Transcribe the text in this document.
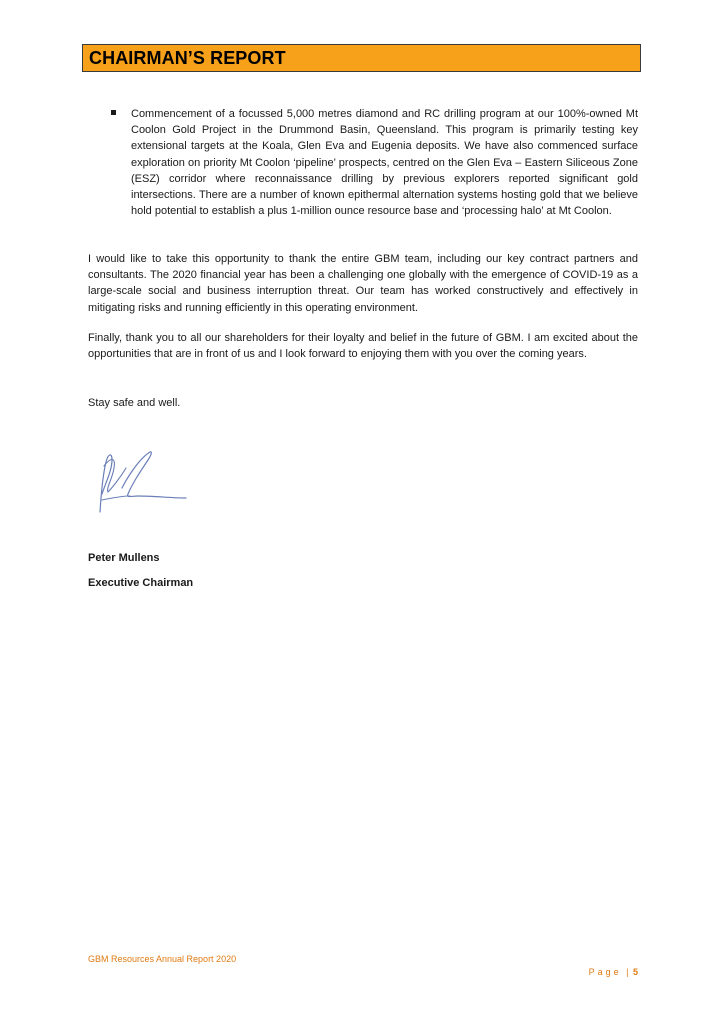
CHAIRMAN’S REPORT
Commencement of a focussed 5,000 metres diamond and RC drilling program at our 100%-owned Mt Coolon Gold Project in the Drummond Basin, Queensland. This program is primarily testing key extensional targets at the Koala, Glen Eva and Eugenia deposits. We have also commenced surface exploration on priority Mt Coolon ‘pipeline’ prospects, centred on the Glen Eva – Eastern Siliceous Zone (ESZ) corridor where reconnaissance drilling by previous explorers reported significant gold intersections. There are a number of known epithermal alternation systems hosting gold that we believe hold potential to establish a plus 1-million ounce resource base and ‘processing halo’ at Mt Coolon.
I would like to take this opportunity to thank the entire GBM team, including our key contract partners and consultants. The 2020 financial year has been a challenging one globally with the emergence of COVID-19 as a large-scale social and business interruption threat. Our team has worked constructively and effectively in mitigating risks and running efficiently in this operating environment.
Finally, thank you to all our shareholders for their loyalty and belief in the future of GBM. I am excited about the opportunities that are in front of us and I look forward to enjoying them with you over the coming years.
Stay safe and well.
Peter Mullens
Executive Chairman
GBM Resources Annual Report 2020
Page | 5
